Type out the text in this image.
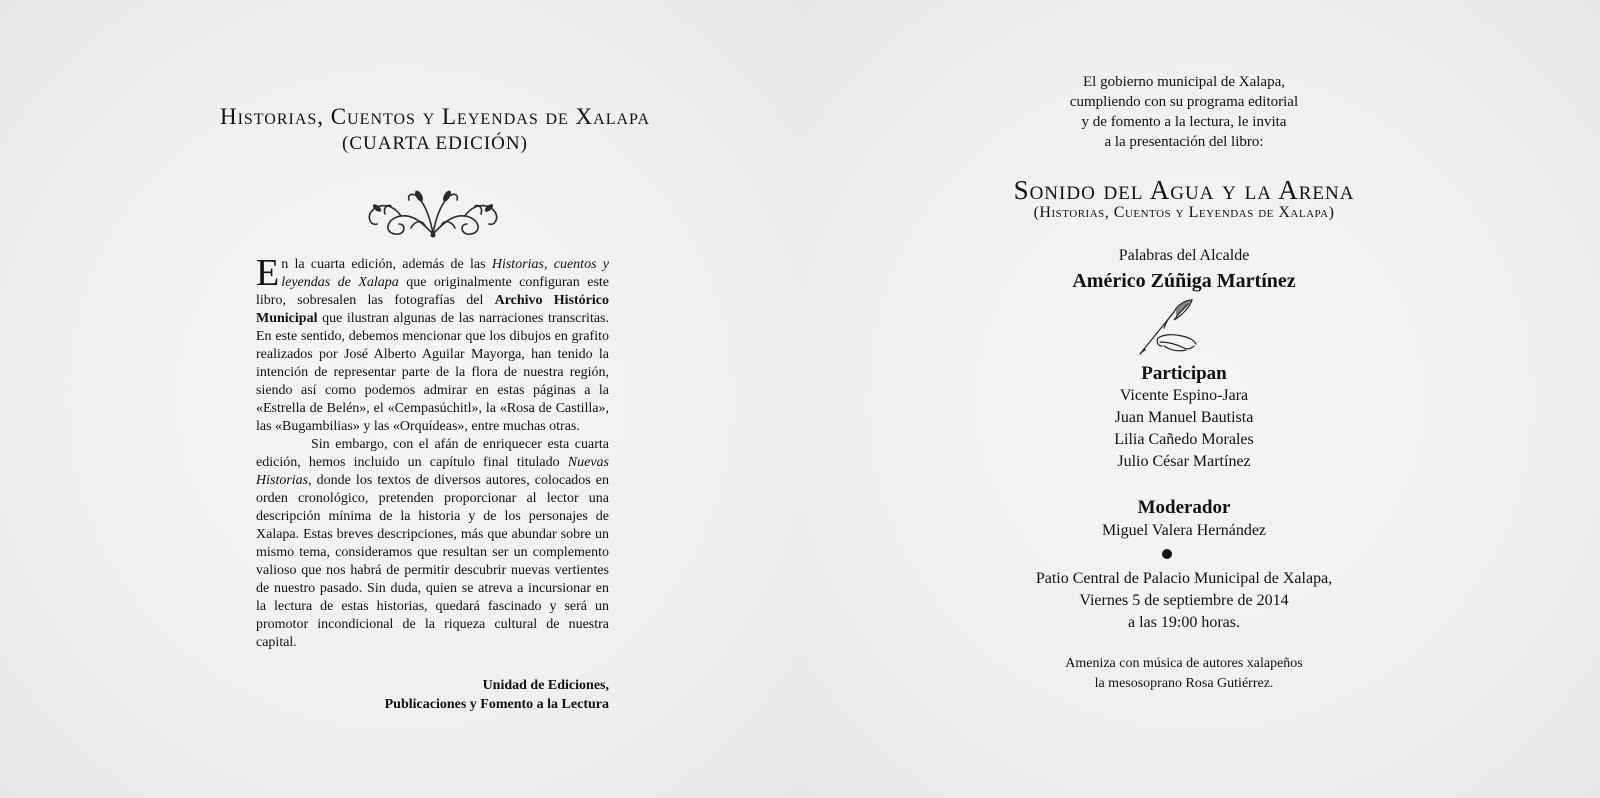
Historias, Cuentos y Leyendas de Xalapa
(CUARTA EDICIÓN)

En la cuarta edición, además de las Historias, cuentos y leyendas de Xalapa que originalmente configuran este libro, sobresalen las fotografías del Archivo Histórico Municipal que ilustran algunas de las narraciones transcritas. En este sentido, debemos mencionar que los dibujos en grafito realizados por José Alberto Aguilar Mayorga, han tenido la intención de representar parte de la flora de nuestra región, siendo así como podemos admirar en estas páginas a la «Estrella de Belén», el «Cempasúchitl», la «Rosa de Castilla», las «Bugambilias» y las «Orquídeas», entre muchas otras.

Sin embargo, con el afán de enriquecer esta cuarta edición, hemos incluido un capítulo final titulado Nuevas Historias, donde los textos de diversos autores, colocados en orden cronológico, pretenden proporcionar al lector una descripción mínima de la historia y de los personajes de Xalapa. Estas breves descripciones, más que abundar sobre un mismo tema, consideramos que resultan ser un complemento valioso que nos habrá de permitir descubrir nuevas vertientes de nuestro pasado. Sin duda, quien se atreva a incursionar en la lectura de estas historias, quedará fascinado y será un promotor incondicional de la riqueza cultural de nuestra capital.

Unidad de Ediciones,
Publicaciones y Fomento a la Lectura
El gobierno municipal de Xalapa,
cumpliendo con su programa editorial
y de fomento a la lectura, le invita
a la presentación del libro:
Sonido del Agua y la Arena
(Historias, Cuentos y Leyendas de Xalapa)
Palabras del Alcalde
Américo Zúñiga Martínez
Participan
Vicente Espino-Jara
Juan Manuel Bautista
Lilia Cañedo Morales
Julio César Martínez
Moderador
Miguel Valera Hernández
Patio Central de Palacio Municipal de Xalapa,
Viernes 5 de septiembre de 2014
a las 19:00 horas.
Ameniza con música de autores xalapeños
la mesosoprano Rosa Gutiérrez.
